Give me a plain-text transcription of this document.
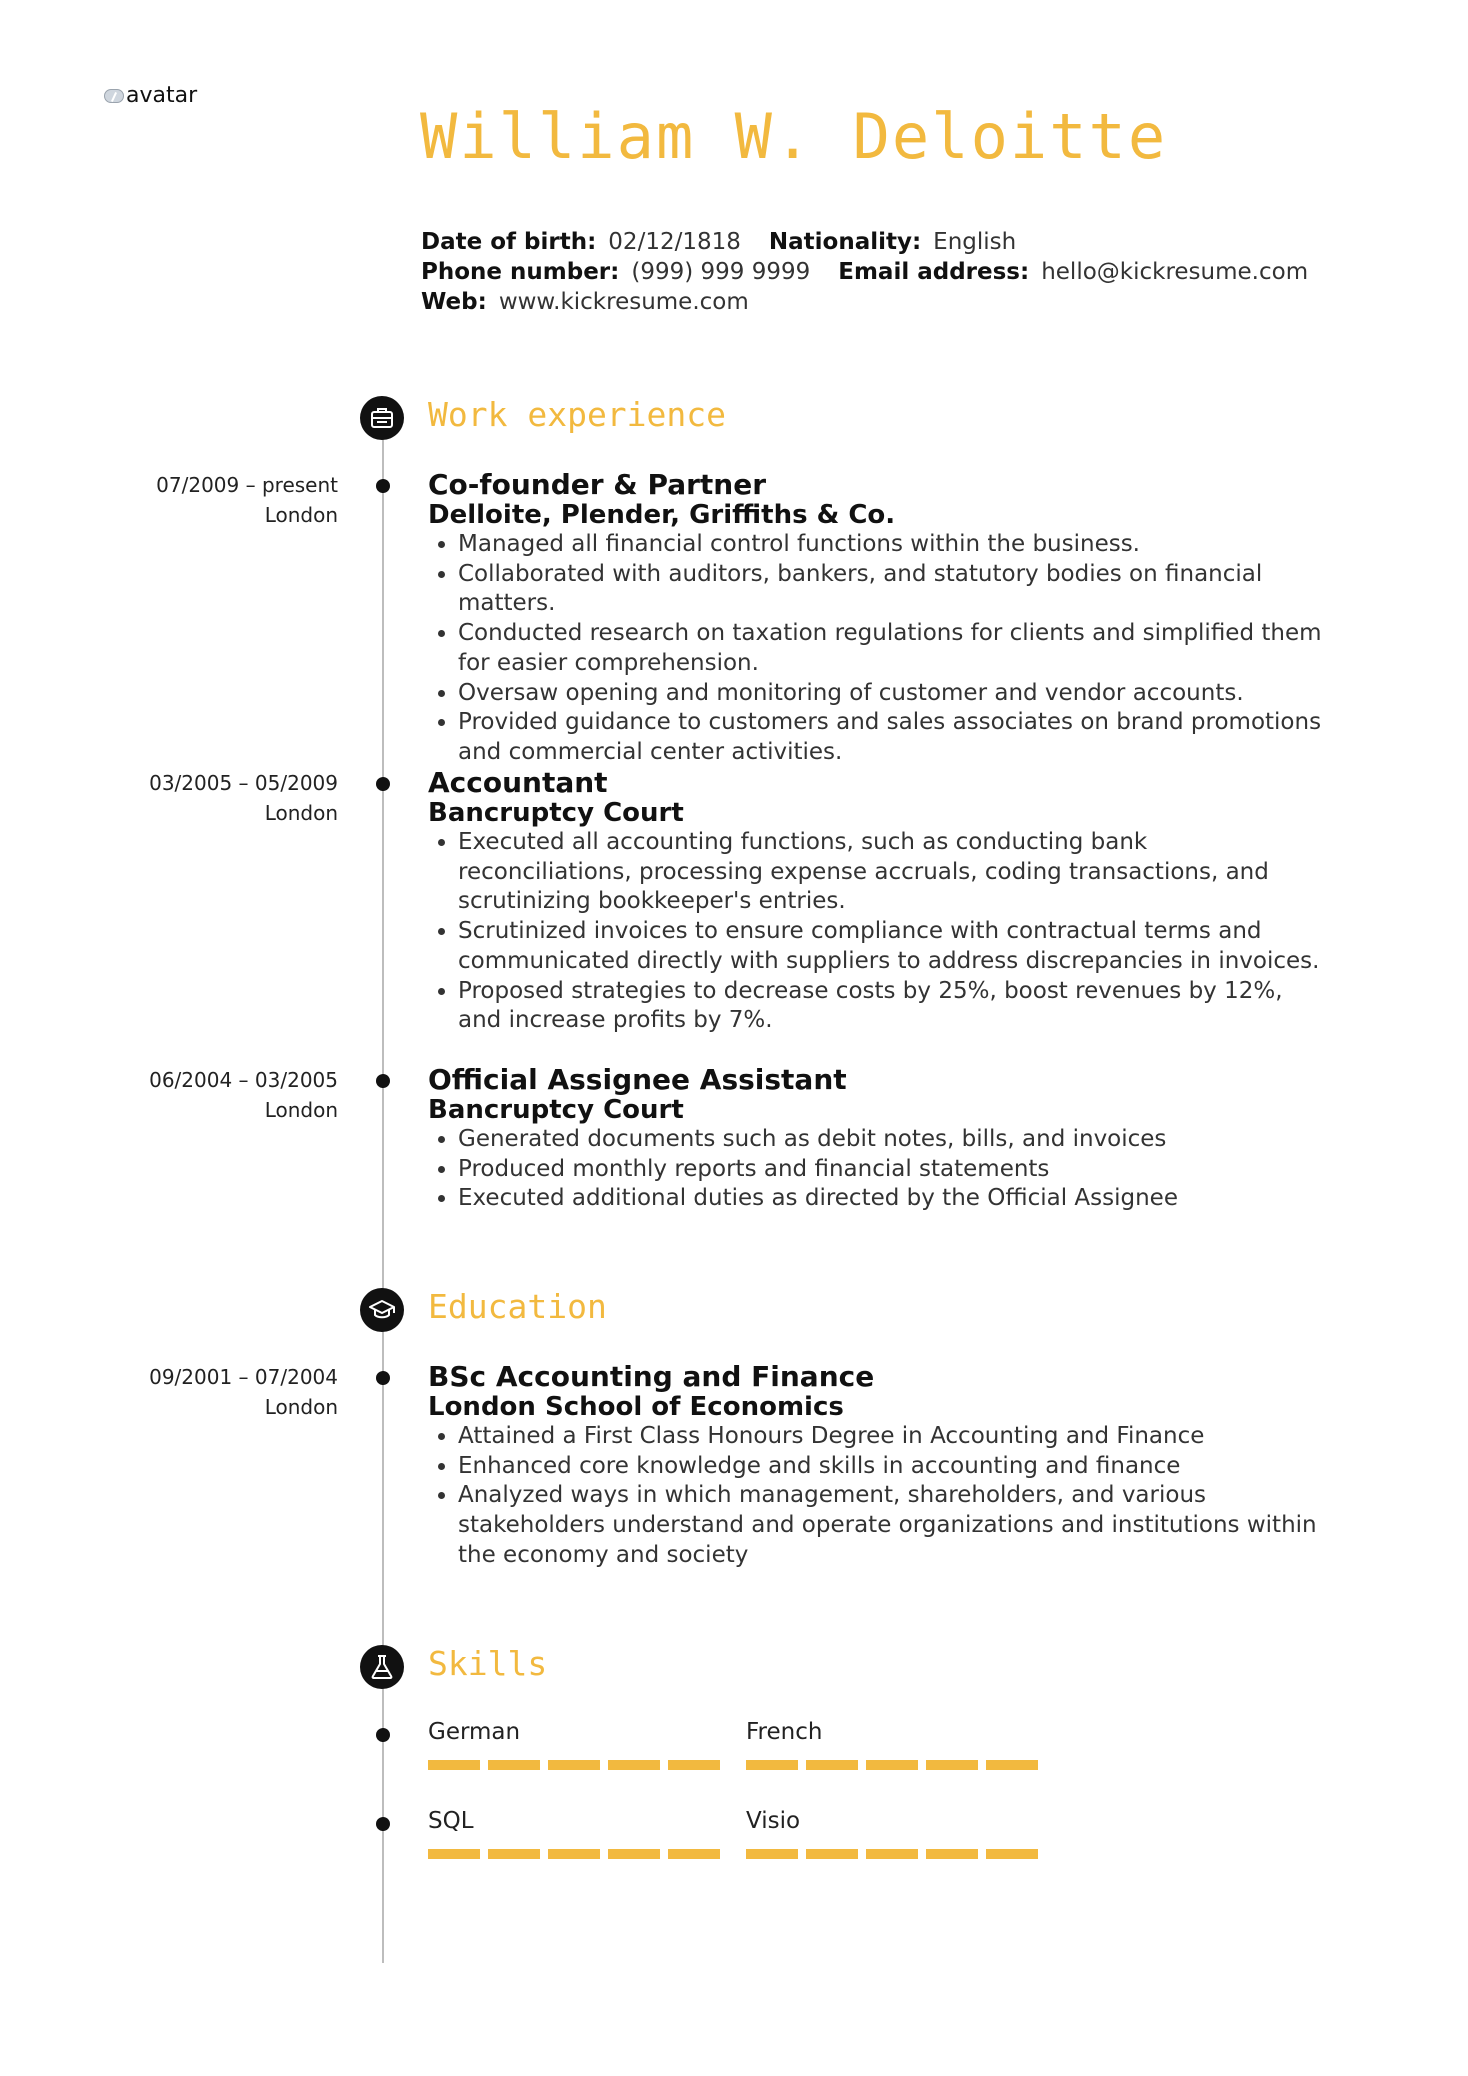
avatar
William W. Deloitte
Date of birth: 02/12/1818 Nationality: English
Phone number: (999) 999 9999 Email address: hello@kickresume.com
Web: www.kickresume.com
Work experience
07/2009 – present
London
Co-founder & Partner
Delloite, Plender, Griffiths & Co.
• Managed all financial control functions within the business.
• Collaborated with auditors, bankers, and statutory bodies on financial matters.
• Conducted research on taxation regulations for clients and simplified them for easier comprehension.
• Oversaw opening and monitoring of customer and vendor accounts.
• Provided guidance to customers and sales associates on brand promotions and commercial center activities.
03/2005 – 05/2009
London
Accountant
Bancruptcy Court
• Executed all accounting functions, such as conducting bank reconciliations, processing expense accruals, coding transactions, and scrutinizing bookkeeper's entries.
• Scrutinized invoices to ensure compliance with contractual terms and communicated directly with suppliers to address discrepancies in invoices.
• Proposed strategies to decrease costs by 25%, boost revenues by 12%, and increase profits by 7%.
06/2004 – 03/2005
London
Official Assignee Assistant
Bancruptcy Court
• Generated documents such as debit notes, bills, and invoices
• Produced monthly reports and financial statements
• Executed additional duties as directed by the Official Assignee
Education
09/2001 – 07/2004
London
BSc Accounting and Finance
London School of Economics
• Attained a First Class Honours Degree in Accounting and Finance
• Enhanced core knowledge and skills in accounting and finance
• Analyzed ways in which management, shareholders, and various stakeholders understand and operate organizations and institutions within the economy and society
Skills
German	French
SQL	Visio
